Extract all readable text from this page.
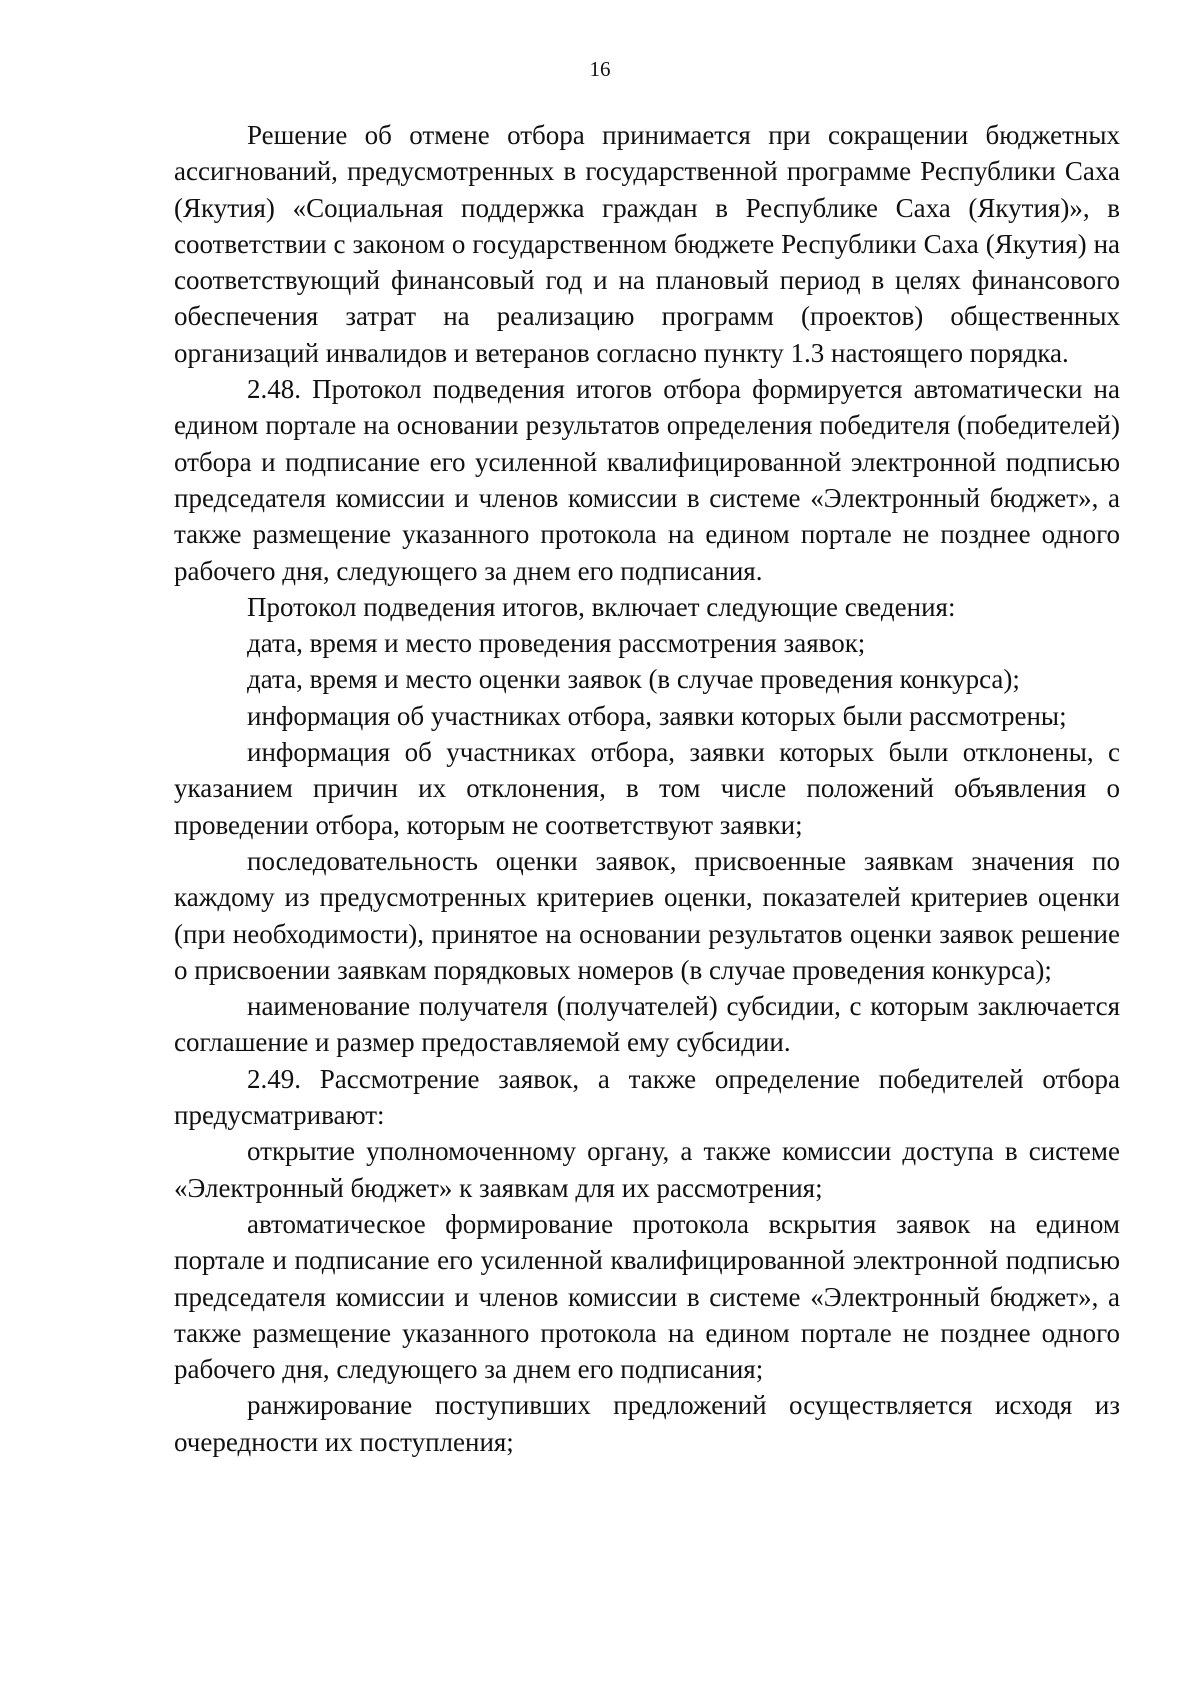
16

Решение об отмене отбора принимается при сокращении бюджетных ассигнований, предусмотренных в государственной программе Республики Саха (Якутия) «Социальная поддержка граждан в Республике Саха (Якутия)», в соответствии с законом о государственном бюджете Республики Саха (Якутия) на соответствующий финансовый год и на плановый период в целях финансового обеспечения затрат на реализацию программ (проектов) общественных организаций инвалидов и ветеранов согласно пункту 1.3 настоящего порядка.

2.48. Протокол подведения итогов отбора формируется автоматически на едином портале на основании результатов определения победителя (победителей) отбора и подписание его усиленной квалифицированной электронной подписью председателя комиссии и членов комиссии в системе «Электронный бюджет», а также размещение указанного протокола на едином портале не позднее одного рабочего дня, следующего за днем его подписания.

Протокол подведения итогов, включает следующие сведения:

дата, время и место проведения рассмотрения заявок;

дата, время и место оценки заявок (в случае проведения конкурса);

информация об участниках отбора, заявки которых были рассмотрены;

информация об участниках отбора, заявки которых были отклонены, с указанием причин их отклонения, в том числе положений объявления о проведении отбора, которым не соответствуют заявки;

последовательность оценки заявок, присвоенные заявкам значения по каждому из предусмотренных критериев оценки, показателей критериев оценки (при необходимости), принятое на основании результатов оценки заявок решение о присвоении заявкам порядковых номеров (в случае проведения конкурса);

наименование получателя (получателей) субсидии, с которым заключается соглашение и размер предоставляемой ему субсидии.

2.49. Рассмотрение заявок, а также определение победителей отбора предусматривают:

открытие уполномоченному органу, а также комиссии доступа в системе «Электронный бюджет» к заявкам для их рассмотрения;

автоматическое формирование протокола вскрытия заявок на едином портале и подписание его усиленной квалифицированной электронной подписью председателя комиссии и членов комиссии в системе «Электронный бюджет», а также размещение указанного протокола на едином портале не позднее одного рабочего дня, следующего за днем его подписания;

ранжирование поступивших предложений осуществляется исходя из очередности их поступления;
